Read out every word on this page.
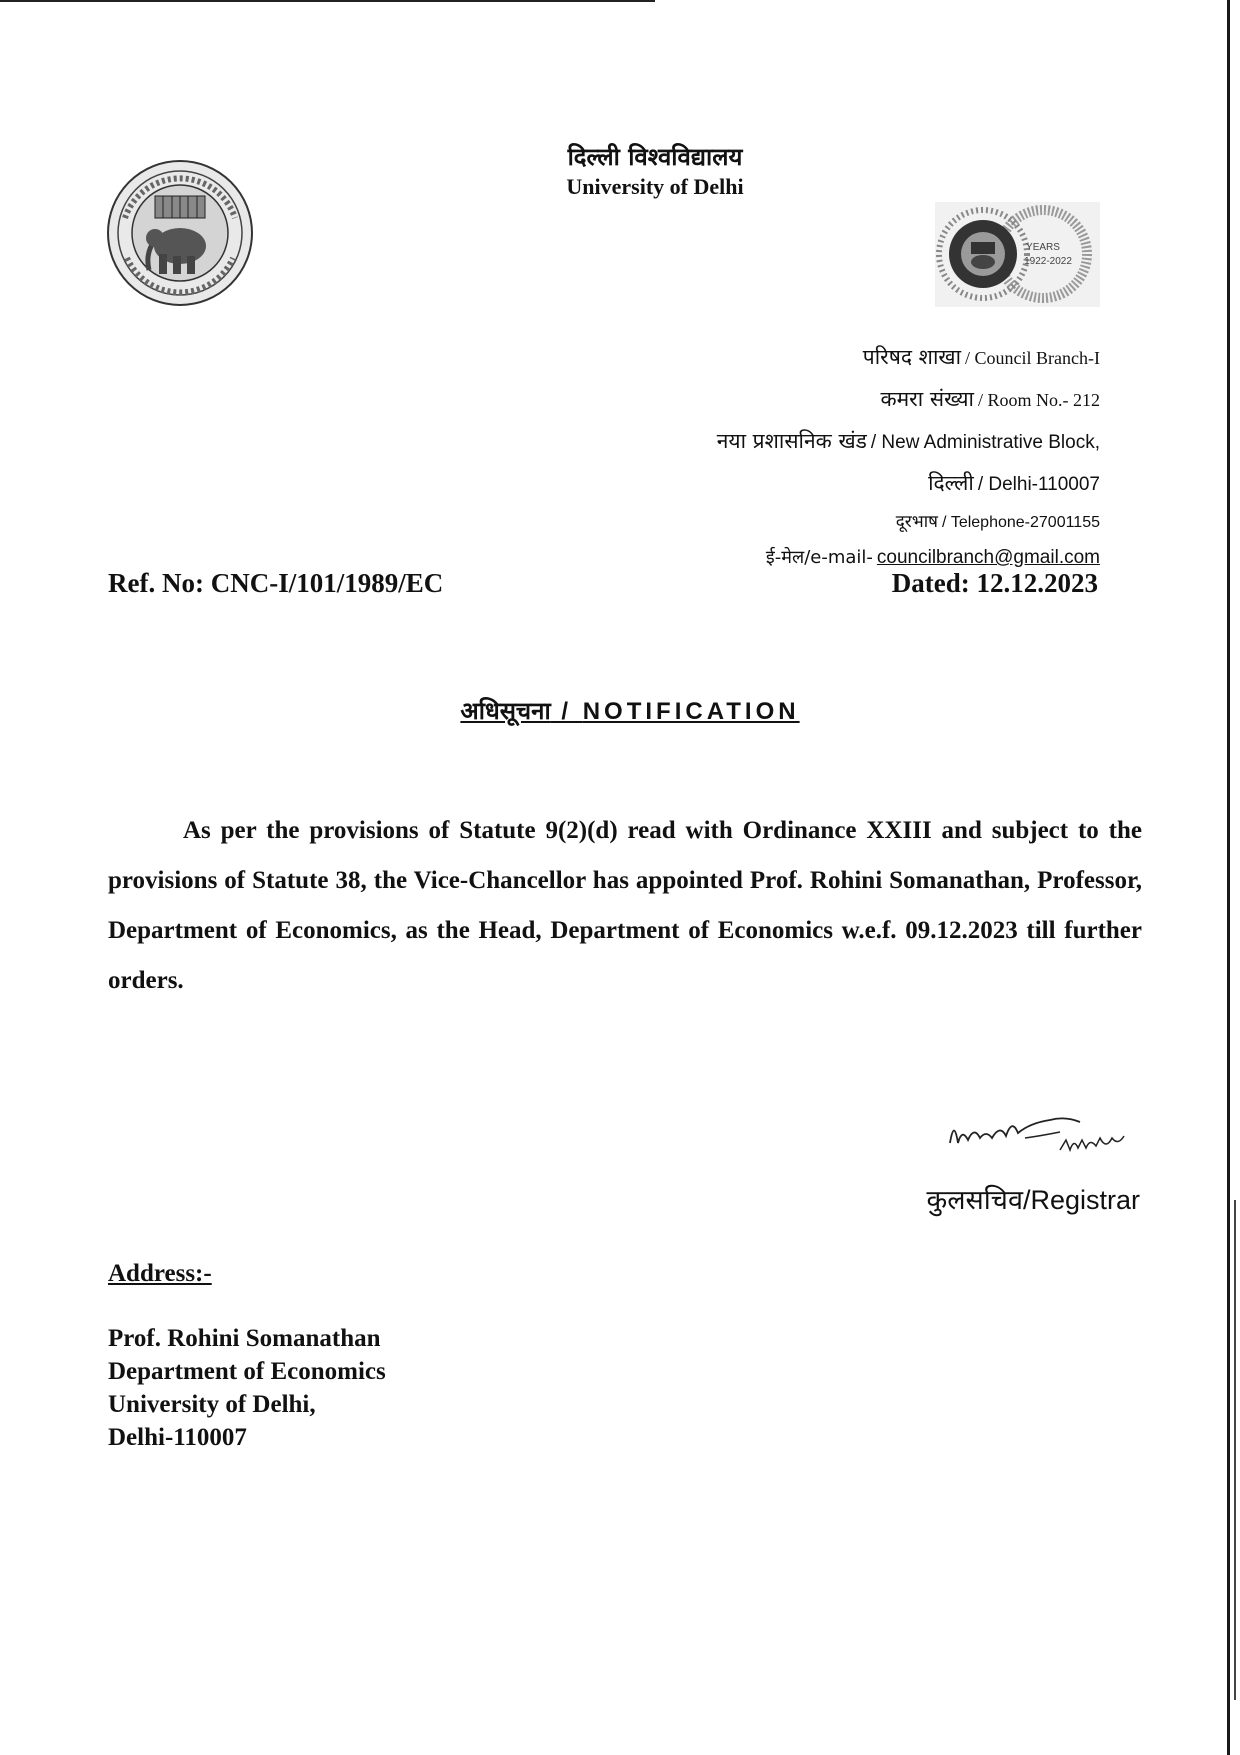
दिल्ली विश्वविद्यालय
University of Delhi
YEARS
1922-2022
परिषद शाखा / Council Branch-I
कमरा संख्या / Room No.- 212
नया प्रशासनिक खंड / New Administrative Block,
दिल्ली / Delhi-110007
दूरभाष / Telephone-27001155
ई-मेल/e-mail- councilbranch@gmail.com
Ref. No: CNC-I/101/1989/EC	Dated: 12.12.2023
अधिसूचना / NOTIFICATION
As per the provisions of Statute 9(2)(d) read with Ordinance XXIII and subject to the provisions of Statute 38, the Vice-Chancellor has appointed Prof. Rohini Somanathan, Professor, Department of Economics, as the Head, Department of Economics w.e.f. 09.12.2023 till further orders.
कुलसचिव/Registrar
Address:-
Prof. Rohini Somanathan
Department of Economics
University of Delhi,
Delhi-110007
